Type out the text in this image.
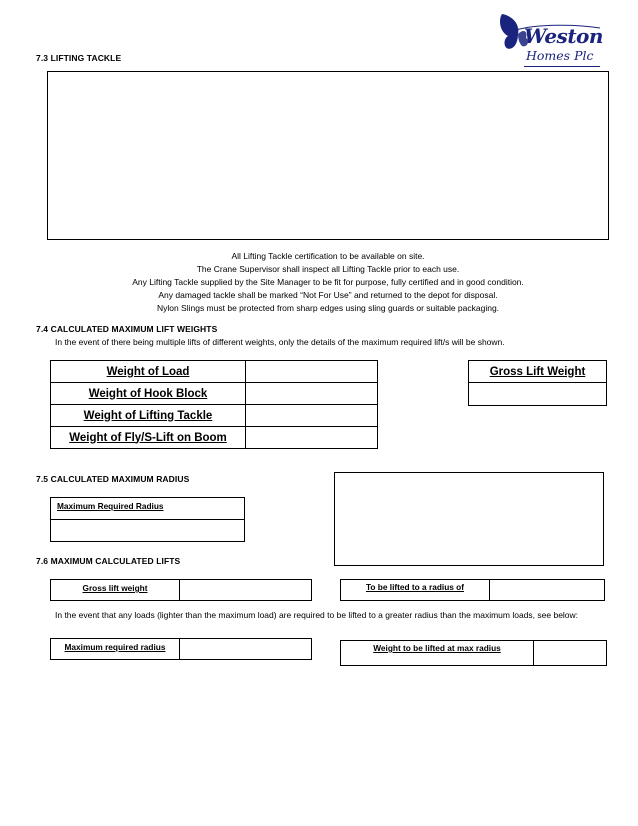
Weston
Homes Plc
7.3 LIFTING TACKLE
All Lifting Tackle certification to be available on site.
The Crane Supervisor shall inspect all Lifting Tackle prior to each use.
Any Lifting Tackle supplied by the Site Manager to be fit for purpose, fully certified and in good condition.
Any damaged tackle shall be marked “Not For Use” and returned to the depot for disposal.
Nylon Slings must be protected from sharp edges using sling guards or suitable packaging.
7.4 CALCULATED MAXIMUM LIFT WEIGHTS
In the event of there being multiple lifts of different weights, only the details of the maximum required lift/s will be shown.
Weight of Load	
Weight of Hook Block	
Weight of Lifting Tackle	
Weight of Fly/S-Lift on Boom	
Gross Lift Weight

7.5 CALCULATED MAXIMUM RADIUS
Maximum Required Radius

7.6 MAXIMUM CALCULATED LIFTS
Gross lift weight		To be lifted to a radius of	
In the event that any loads (lighter than the maximum load) are required to be lifted to a greater radius than the maximum loads, see below:
Maximum required radius		Weight to be lifted at max radius	
